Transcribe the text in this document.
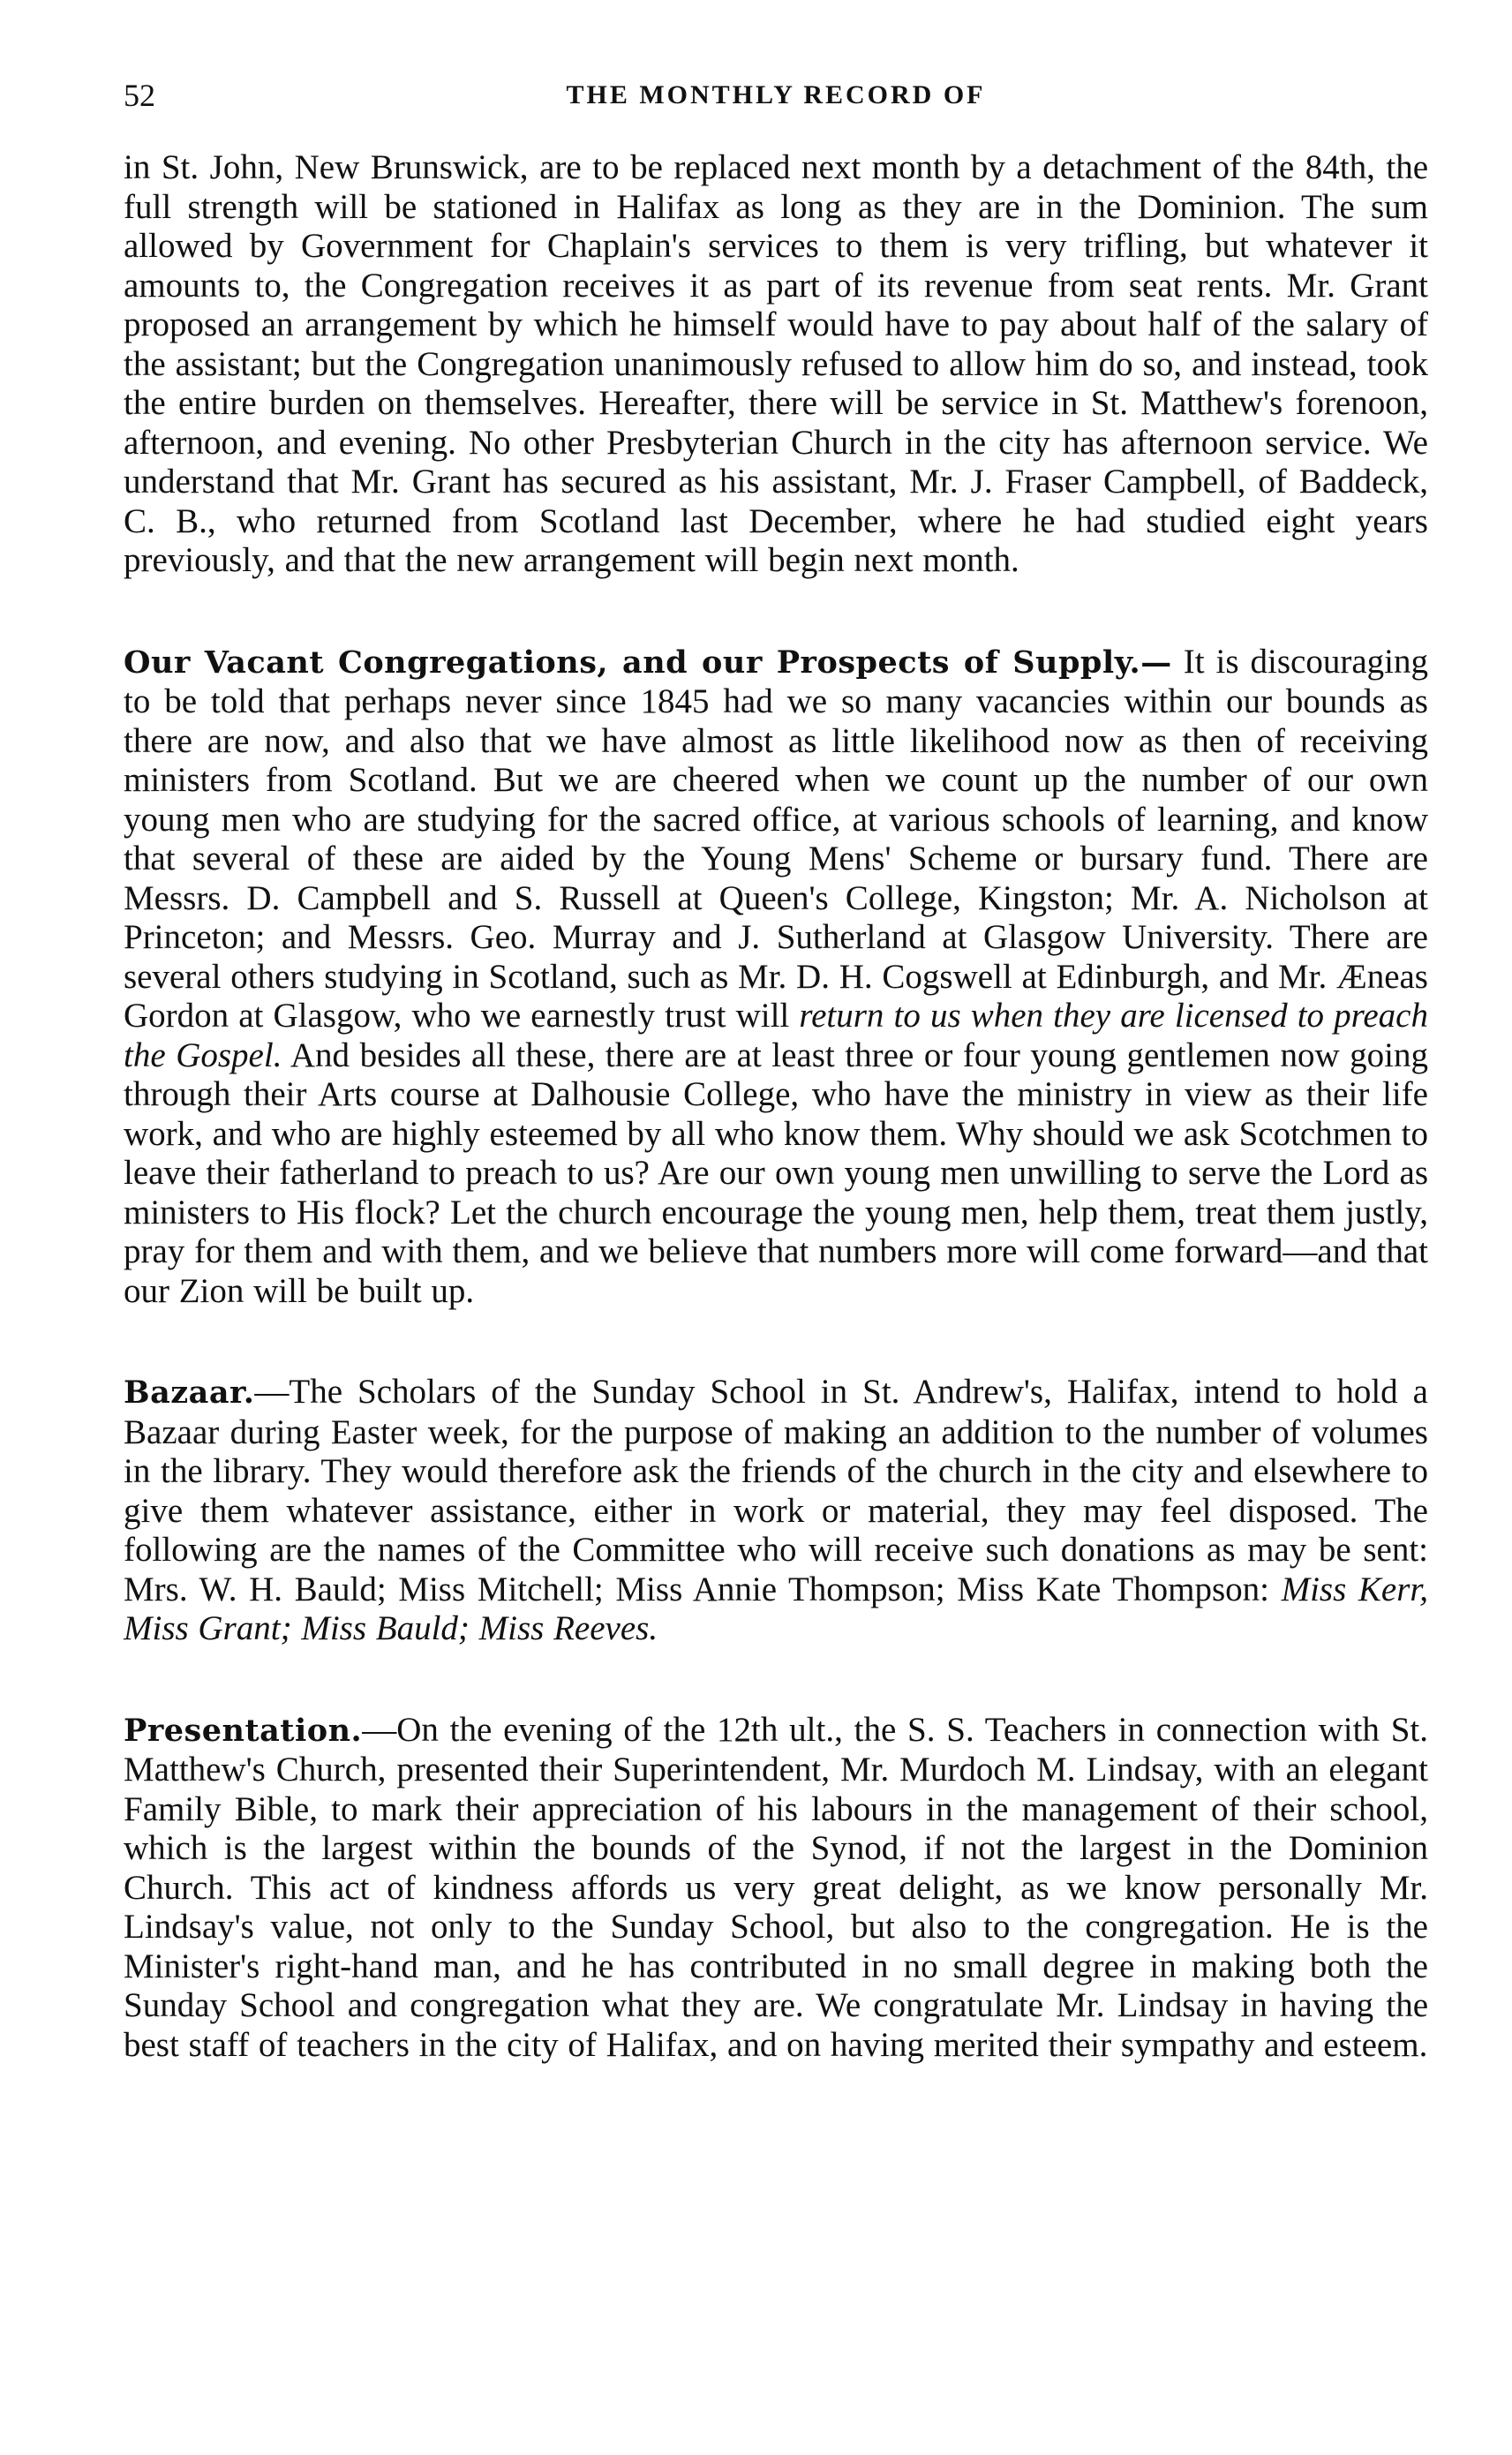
52	THE MONTHLY RECORD OF

in St. John, New Brunswick, are to be replaced next month by a detachment of the 84th, the full strength will be stationed in Halifax as long as they are in the Dominion. The sum allowed by Government for Chaplain's services to them is very trifling, but whatever it amounts to, the Congregation receives it as part of its revenue from seat rents. Mr. Grant proposed an arrangement by which he himself would have to pay about half of the salary of the assistant; but the Congregation unanimously refused to allow him do so, and instead, took the entire burden on themselves. Hereafter, there will be service in St. Matthew's forenoon, afternoon, and evening. No other Presbyterian Church in the city has afternoon service. We understand that Mr. Grant has secured as his assistant, Mr. J. Fraser Campbell, of Baddeck, C. B., who returned from Scotland last December, where he had studied eight years previously, and that the new arrangement will begin next month.

Our Vacant Congregations, and our Prospects of Supply.— It is discouraging to be told that perhaps never since 1845 had we so many vacancies within our bounds as there are now, and also that we have almost as little likelihood now as then of receiving ministers from Scotland. But we are cheered when we count up the number of our own young men who are studying for the sacred office, at various schools of learning, and know that several of these are aided by the Young Mens' Scheme or bursary fund. There are Messrs. D. Campbell and S. Russell at Queen's College, Kingston; Mr. A. Nicholson at Princeton; and Messrs. Geo. Murray and J. Sutherland at Glasgow University. There are several others studying in Scotland, such as Mr. D. H. Cogswell at Edinburgh, and Mr. Æneas Gordon at Glasgow, who we earnestly trust will return to us when they are licensed to preach the Gospel. And besides all these, there are at least three or four young gentlemen now going through their Arts course at Dalhousie College, who have the ministry in view as their life work, and who are highly esteemed by all who know them. Why should we ask Scotchmen to leave their fatherland to preach to us? Are our own young men unwilling to serve the Lord as ministers to His flock? Let the church encourage the young men, help them, treat them justly, pray for them and with them, and we believe that numbers more will come forward—and that our Zion will be built up.

Bazaar.—The Scholars of the Sunday School in St. Andrew's, Halifax, intend to hold a Bazaar during Easter week, for the purpose of making an addition to the number of volumes in the library. They would therefore ask the friends of the church in the city and elsewhere to give them whatever assistance, either in work or material, they may feel disposed. The following are the names of the Committee who will receive such donations as may be sent: Mrs. W. H. Bauld; Miss Mitchell; Miss Annie Thompson; Miss Kate Thompson: Miss Kerr, Miss Grant; Miss Bauld; Miss Reeves.

Presentation.—On the evening of the 12th ult., the S. S. Teachers in connection with St. Matthew's Church, presented their Superintendent, Mr. Murdoch M. Lindsay, with an elegant Family Bible, to mark their appreciation of his labours in the management of their school, which is the largest within the bounds of the Synod, if not the largest in the Dominion Church. This act of kindness affords us very great delight, as we know personally Mr. Lindsay's value, not only to the Sunday School, but also to the congregation. He is the Minister's right-hand man, and he has contributed in no small degree in making both the Sunday School and congregation what they are. We congratulate Mr. Lindsay in having the best staff of teachers in the city of Halifax, and on having merited their sympathy and esteem.
